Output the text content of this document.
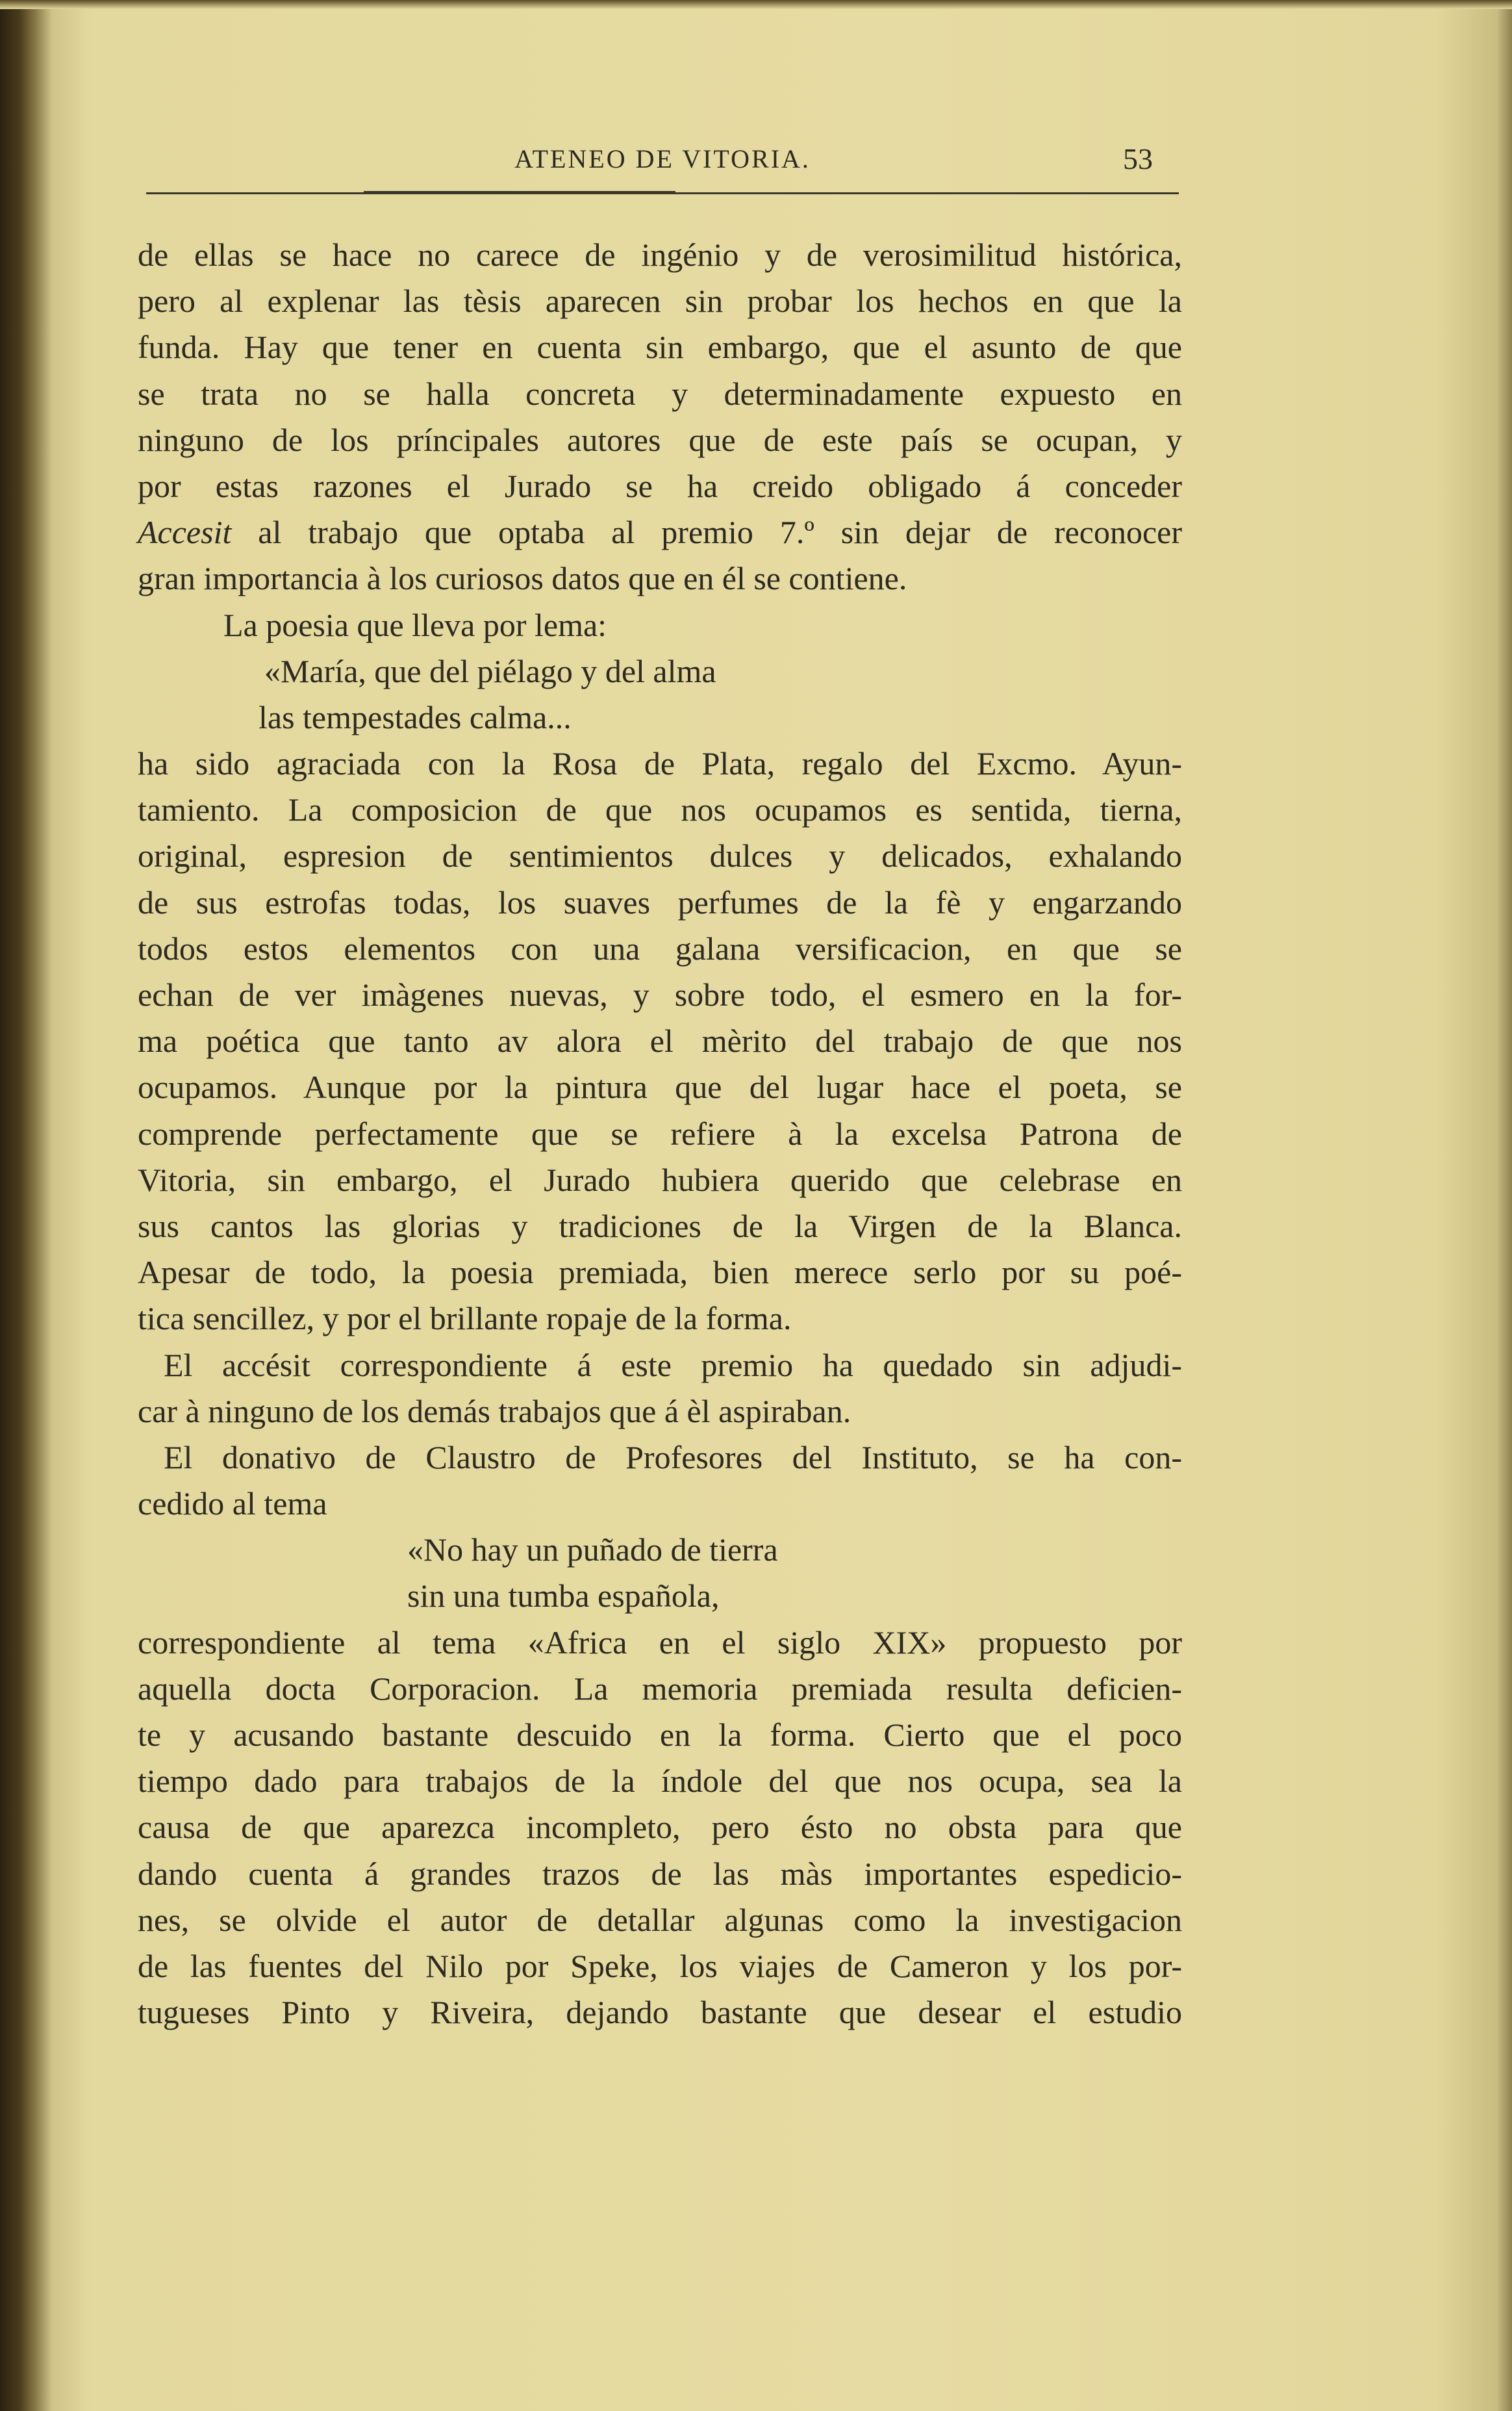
ATENEO DE VITORIA.	53
de ellas se hace no carece de ingénio y de verosimilitud histórica,
pero al explenar las tèsis aparecen sin probar los hechos en que la
funda. Hay que tener en cuenta sin embargo, que el asunto de que
se trata no se halla concreta y determinadamente expuesto en
ninguno de los príncipales autores que de este país se ocupan, y
por estas razones el Jurado se ha creido obligado á conceder
Accesit al trabajo que optaba al premio 7.º sin dejar de reconocer
gran importancia à los curiosos datos que en él se contiene.
La poesia que lleva por lema:
«María, que del piélago y del alma
las tempestades calma...
ha sido agraciada con la Rosa de Plata, regalo del Excmo. Ayun-
tamiento. La composicion de que nos ocupamos es sentida, tierna,
original, espresion de sentimientos dulces y delicados, exhalando
de sus estrofas todas, los suaves perfumes de la fè y engarzando
todos estos elementos con una galana versificacion, en que se
echan de ver imàgenes nuevas, y sobre todo, el esmero en la for-
ma poética que tanto av alora el mèrito del trabajo de que nos
ocupamos. Aunque por la pintura que del lugar hace el poeta, se
comprende perfectamente que se refiere à la excelsa Patrona de
Vitoria, sin embargo, el Jurado hubiera querido que celebrase en
sus cantos las glorias y tradiciones de la Virgen de la Blanca.
Apesar de todo, la poesia premiada, bien merece serlo por su poé-
tica sencillez, y por el brillante ropaje de la forma.
El accésit correspondiente á este premio ha quedado sin adjudi-
car à ninguno de los demás trabajos que á èl aspiraban.
El donativo de Claustro de Profesores del Instituto, se ha con-
cedido al tema
«No hay un puñado de tierra
sin una tumba española,
correspondiente al tema «Africa en el siglo XIX» propuesto por
aquella docta Corporacion. La memoria premiada resulta deficien-
te y acusando bastante descuido en la forma. Cierto que el poco
tiempo dado para trabajos de la índole del que nos ocupa, sea la
causa de que aparezca incompleto, pero ésto no obsta para que
dando cuenta á grandes trazos de las màs importantes espedicio-
nes, se olvide el autor de detallar algunas como la investigacion
de las fuentes del Nilo por Speke, los viajes de Cameron y los por-
tugueses Pinto y Riveira, dejando bastante que desear el estudio
